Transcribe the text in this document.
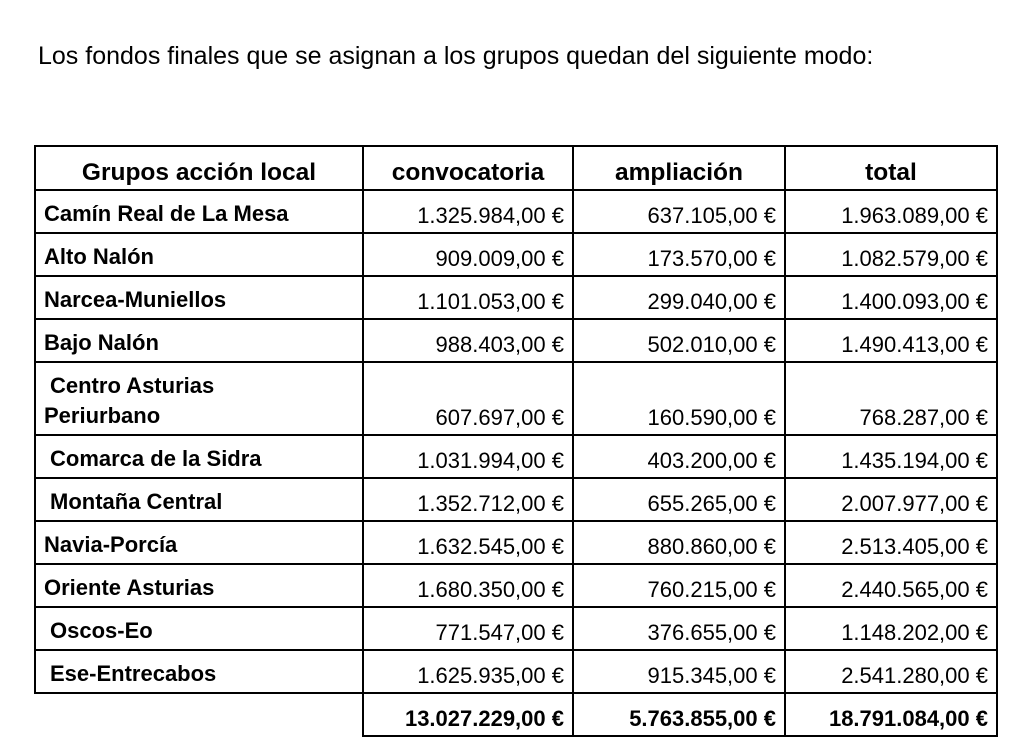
Los fondos finales que se asignan a los grupos quedan del siguiente modo:

Grupos acción local	convocatoria	ampliación	total
Camín Real de La Mesa	1.325.984,00 €	637.105,00 €	1.963.089,00 €
Alto Nalón	909.009,00 €	173.570,00 €	1.082.579,00 €
Narcea-Muniellos	1.101.053,00 €	299.040,00 €	1.400.093,00 €
Bajo Nalón	988.403,00 €	502.010,00 €	1.490.413,00 €

Centro Asturias
Periurbano	607.697,00 €	160.590,00 €	768.287,00 €
Comarca de la Sidra	1.031.994,00 €	403.200,00 €	1.435.194,00 €
Montaña Central	1.352.712,00 €	655.265,00 €	2.007.977,00 €
Navia-Porcía	1.632.545,00 €	880.860,00 €	2.513.405,00 €
Oriente Asturias	1.680.350,00 €	760.215,00 €	2.440.565,00 €
Oscos-Eo	771.547,00 €	376.655,00 €	1.148.202,00 €
Ese-Entrecabos	1.625.935,00 €	915.345,00 €	2.541.280,00 €
	13.027.229,00 €	5.763.855,00 €	18.791.084,00 €
